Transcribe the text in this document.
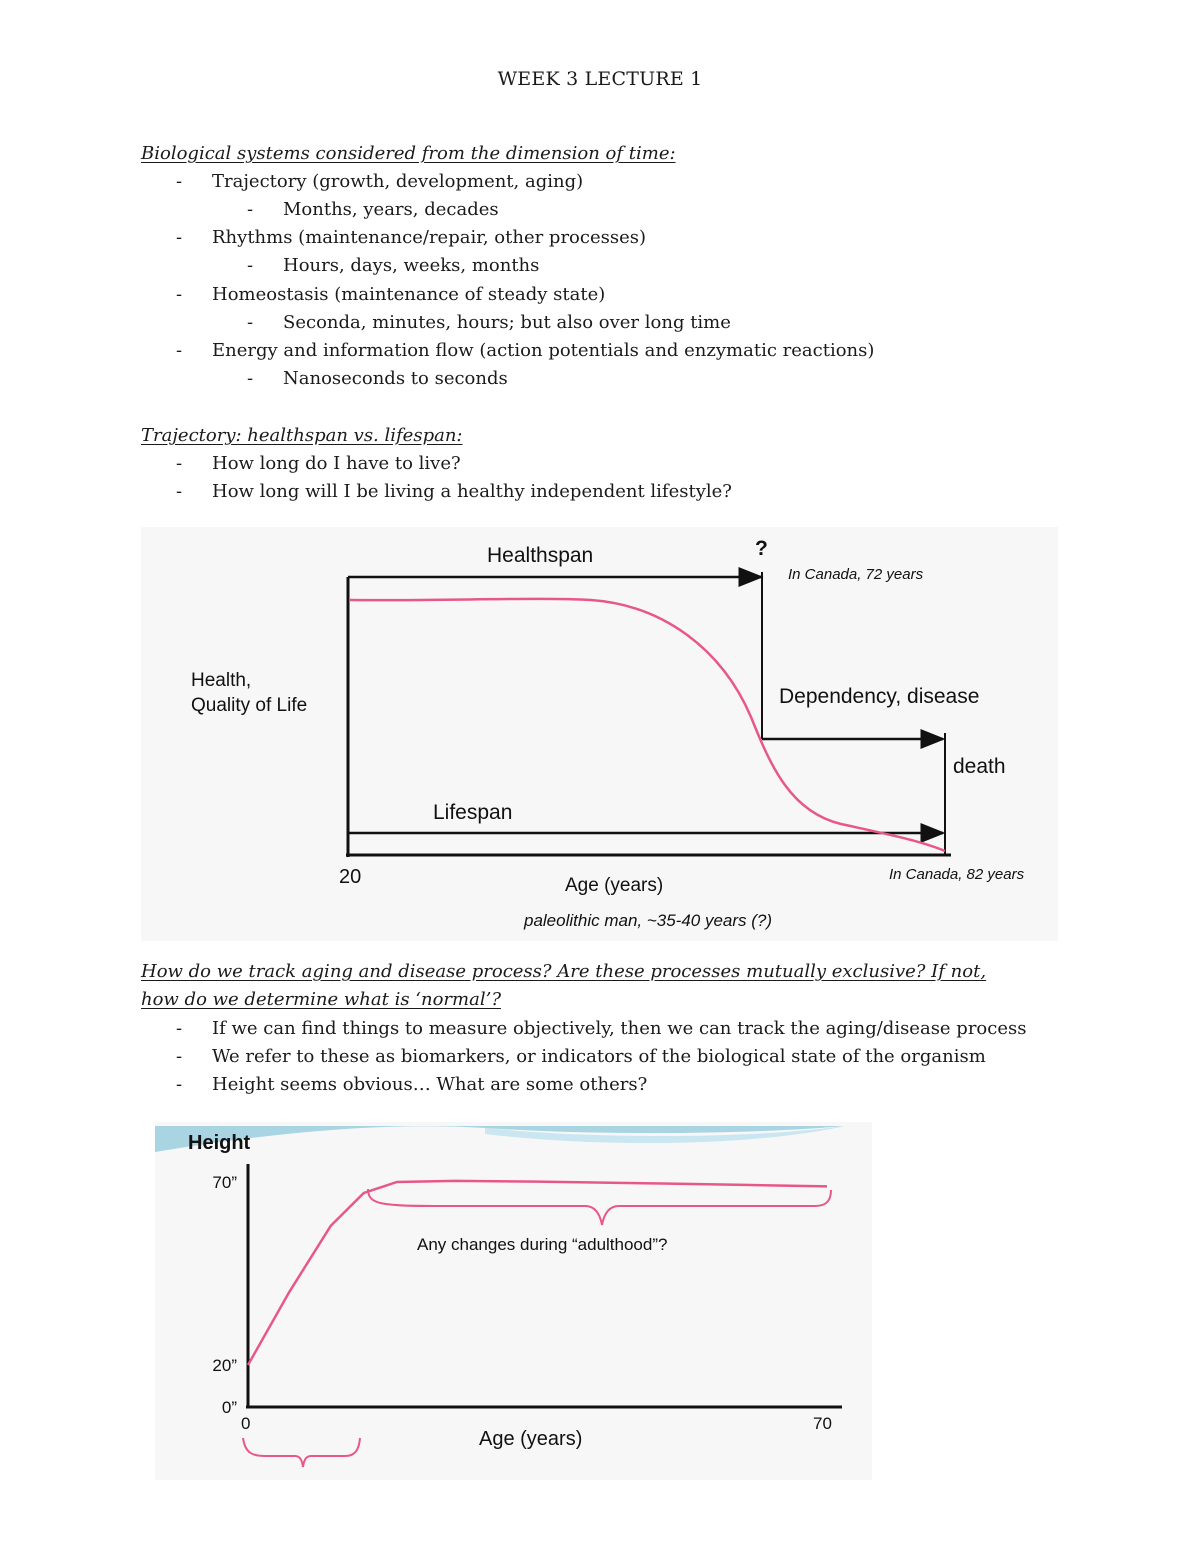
WEEK 3 LECTURE 1
Biological systems considered from the dimension of time:
- Trajectory (growth, development, aging)
- Months, years, decades
- Rhythms (maintenance/repair, other processes)
- Hours, days, weeks, months
- Homeostasis (maintenance of steady state)
- Seconda, minutes, hours; but also over long time
- Energy and information flow (action potentials and enzymatic reactions)
- Nanoseconds to seconds
Trajectory: healthspan vs. lifespan:
- How long do I have to live?
- How long will I be living a healthy independent lifestyle?
Healthspan	?
In Canada, 72 years
Health,
Quality of Life	Dependency, disease
death
Lifespan
20	Age (years)
In Canada, 82 years
paleolithic man, ~35-40 years (?)
How do we track aging and disease process? Are these processes mutually exclusive? If not,
how do we determine what is ‘normal’?
- If we can find things to measure objectively, then we can track the aging/disease process
- We refer to these as biomarkers, or indicators of the biological state of the organism
- Height seems obvious… What are some others?
Height
0”
20”
70”
0	70
Any changes during “adulthood”?
Age (years)
